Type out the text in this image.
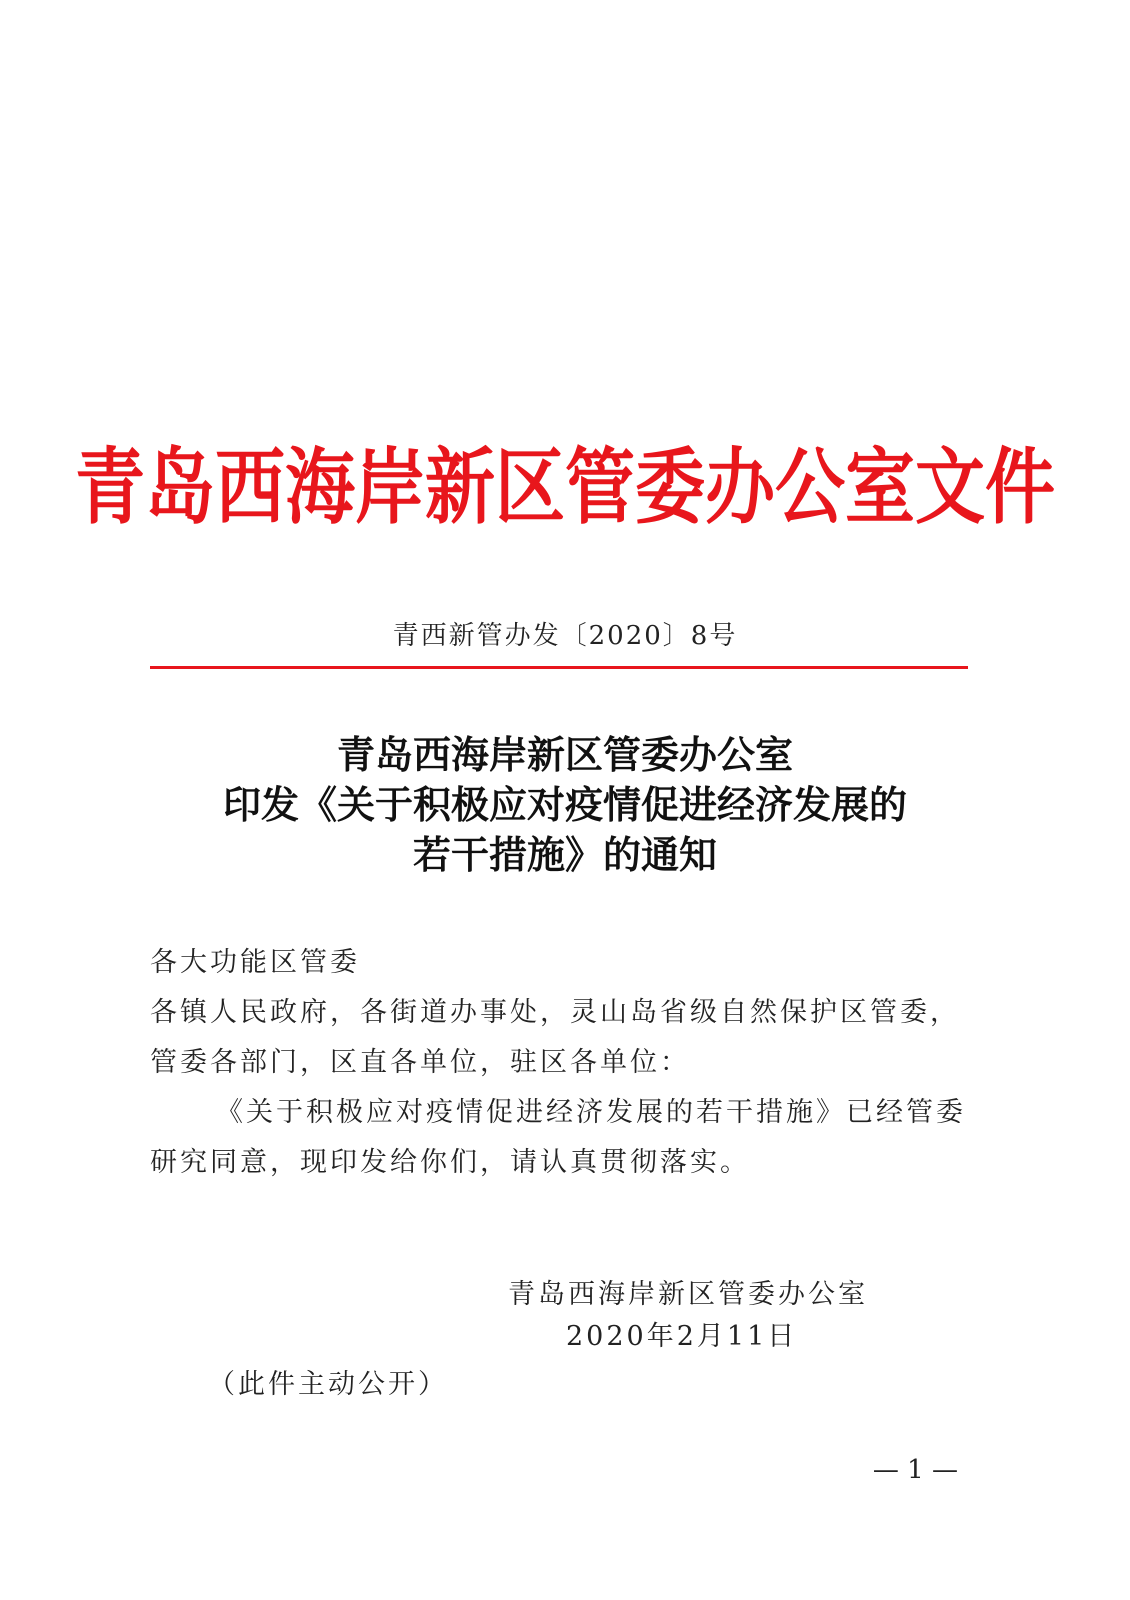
青岛西海岸新区管委办公室文件
青西新管办发〔2020〕8号
青岛西海岸新区管委办公室
印发《关于积极应对疫情促进经济发展的
若干措施》的通知
各大功能区管委
各镇人民政府，各街道办事处，灵山岛省级自然保护区管委，
管委各部门，区直各单位，驻区各单位：
《关于积极应对疫情促进经济发展的若干措施》已经管委
研究同意，现印发给你们，请认真贯彻落实。
青岛西海岸新区管委办公室
2020年2月11日
（此件主动公开）
— 1 —
